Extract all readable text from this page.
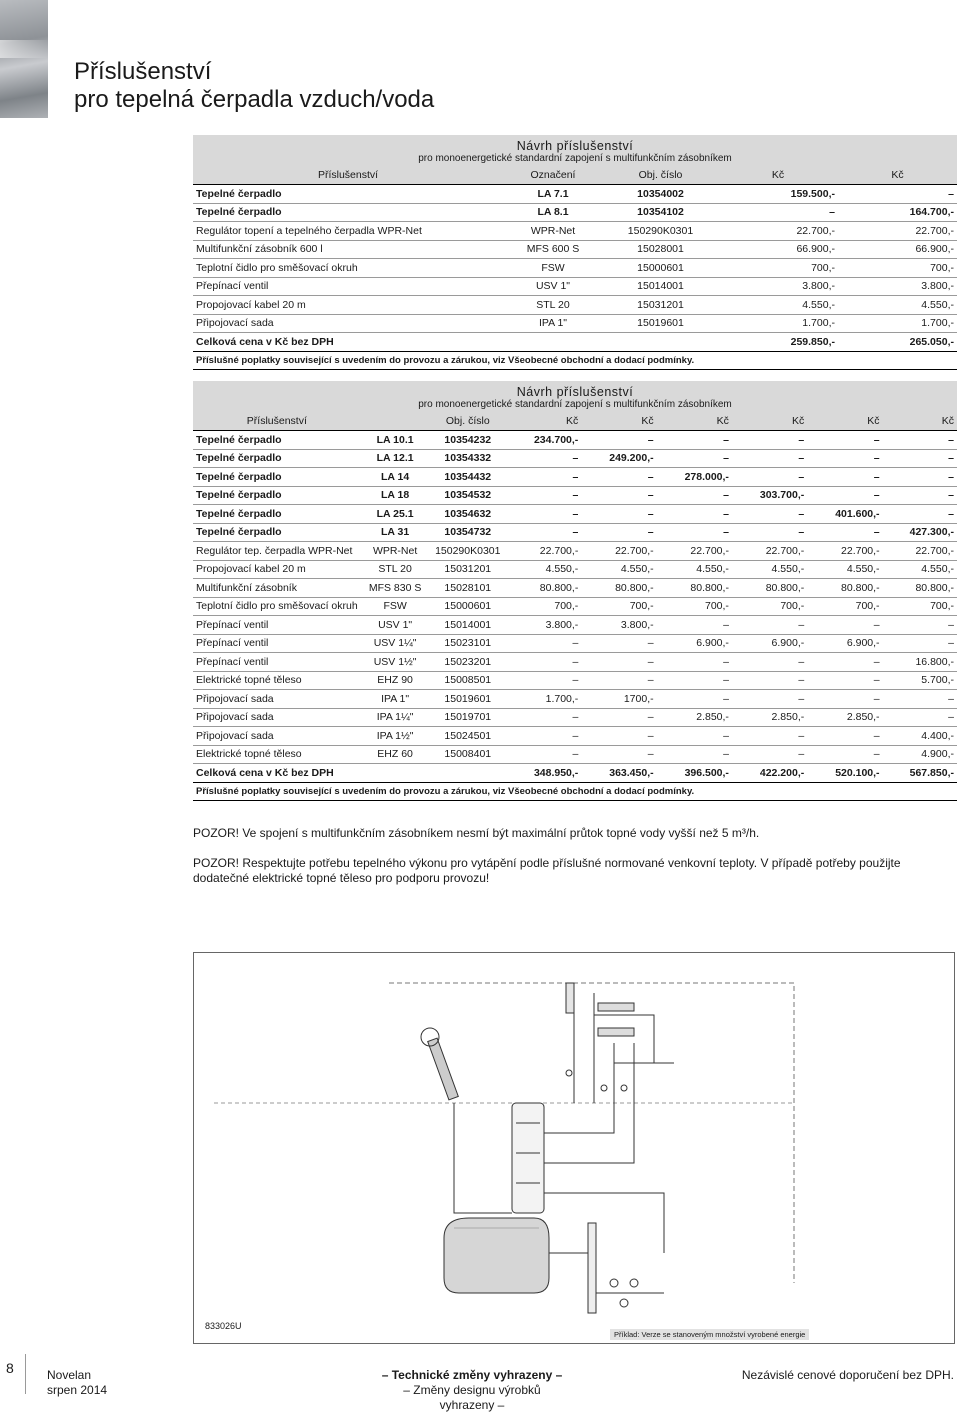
Příslušenství
pro tepelná čerpadla vzduch/voda
Návrh příslušenství
pro monoenergetické standardní zapojení s multifunkčním zásobníkem
Příslušenství	Označení	Obj. číslo	Kč	Kč
Tepelné čerpadlo	LA 7.1	10354002	159.500,-	–
Tepelné čerpadlo	LA 8.1	10354102	–	164.700,-
Regulátor topení a tepelného čerpadla WPR-Net	WPR-Net	150290K0301	22.700,-	22.700,-
Multifunkční zásobník 600 l	MFS 600 S	15028001	66.900,-	66.900,-
Teplotní čidlo pro směšovací okruh	FSW	15000601	700,-	700,-
Přepínací ventil	USV 1"	15014001	3.800,-	3.800,-
Propojovací kabel 20 m	STL 20	15031201	4.550,-	4.550,-
Připojovací sada	IPA 1"	15019601	1.700,-	1.700,-
Celková cena v Kč bez DPH			259.850,-	265.050,-
Příslušné poplatky související s uvedením do provozu a zárukou, viz Všeobecné obchodní a dodací podmínky.
Návrh příslušenství
pro monoenergetické standardní zapojení s multifunkčním zásobníkem
Příslušenství		Obj. číslo	Kč	Kč	Kč	Kč	Kč	Kč
Tepelné čerpadlo	LA 10.1	10354232	234.700,-	–	–	–	–	–
Tepelné čerpadlo	LA 12.1	10354332	–	249.200,-	–	–	–	–
Tepelné čerpadlo	LA 14	10354432	–	–	278.000,-	–	–	–
Tepelné čerpadlo	LA 18	10354532	–	–	–	303.700,-	–	–
Tepelné čerpadlo	LA 25.1	10354632	–	–	–	–	401.600,-	–
Tepelné čerpadlo	LA 31	10354732	–	–	–	–	–	427.300,-
Regulátor tep. čerpadla WPR-Net	WPR-Net	150290K0301	22.700,-	22.700,-	22.700,-	22.700,-	22.700,-	22.700,-
Propojovací kabel 20 m	STL 20	15031201	4.550,-	4.550,-	4.550,-	4.550,-	4.550,-	4.550,-
Multifunkční zásobník	MFS 830 S	15028101	80.800,-	80.800,-	80.800,-	80.800,-	80.800,-	80.800,-
Teplotní čidlo pro směšovací okruh	FSW	15000601	700,-	700,-	700,-	700,-	700,-	700,-
Přepínací ventil	USV 1"	15014001	3.800,-	3.800,-	–	–	–	–
Přepínací ventil	USV 1¼"	15023101	–	–	6.900,-	6.900,-	6.900,-	–
Přepínací ventil	USV 1½"	15023201	–	–	–	–	–	16.800,-
Elektrické topné těleso	EHZ 90	15008501	–	–	–	–	–	5.700,-
Připojovací sada	IPA 1"	15019601	1.700,-	1700,-	–	–	–	–
Připojovací sada	IPA 1¼"	15019701	–	–	2.850,-	2.850,-	2.850,-	–
Připojovací sada	IPA 1½"	15024501	–	–	–	–	–	4.400,-
Elektrické topné těleso	EHZ 60	15008401	–	–	–	–	–	4.900,-
Celková cena v Kč bez DPH			348.950,-	363.450,-	396.500,-	422.200,-	520.100,-	567.850,-
Příslušné poplatky související s uvedením do provozu a zárukou, viz Všeobecné obchodní a dodací podmínky.
POZOR! Ve spojení s multifunkčním zásobníkem nesmí být maximální průtok topné vody vyšší než 5 m³/h.
POZOR! Respektujte potřebu tepelného výkonu pro vytápění podle příslušné normované venkovní teploty. V případě potřeby použijte dodatečné elektrické topné těleso pro podporu provozu!
833026U
Příklad: Verze se stanoveným množství vyrobené energie
8	Novelan
srpen 2014
– Technické změny vyhrazeny –
– Změny designu výrobků vyhrazeny –
Nezávislé cenové doporučení bez DPH.
